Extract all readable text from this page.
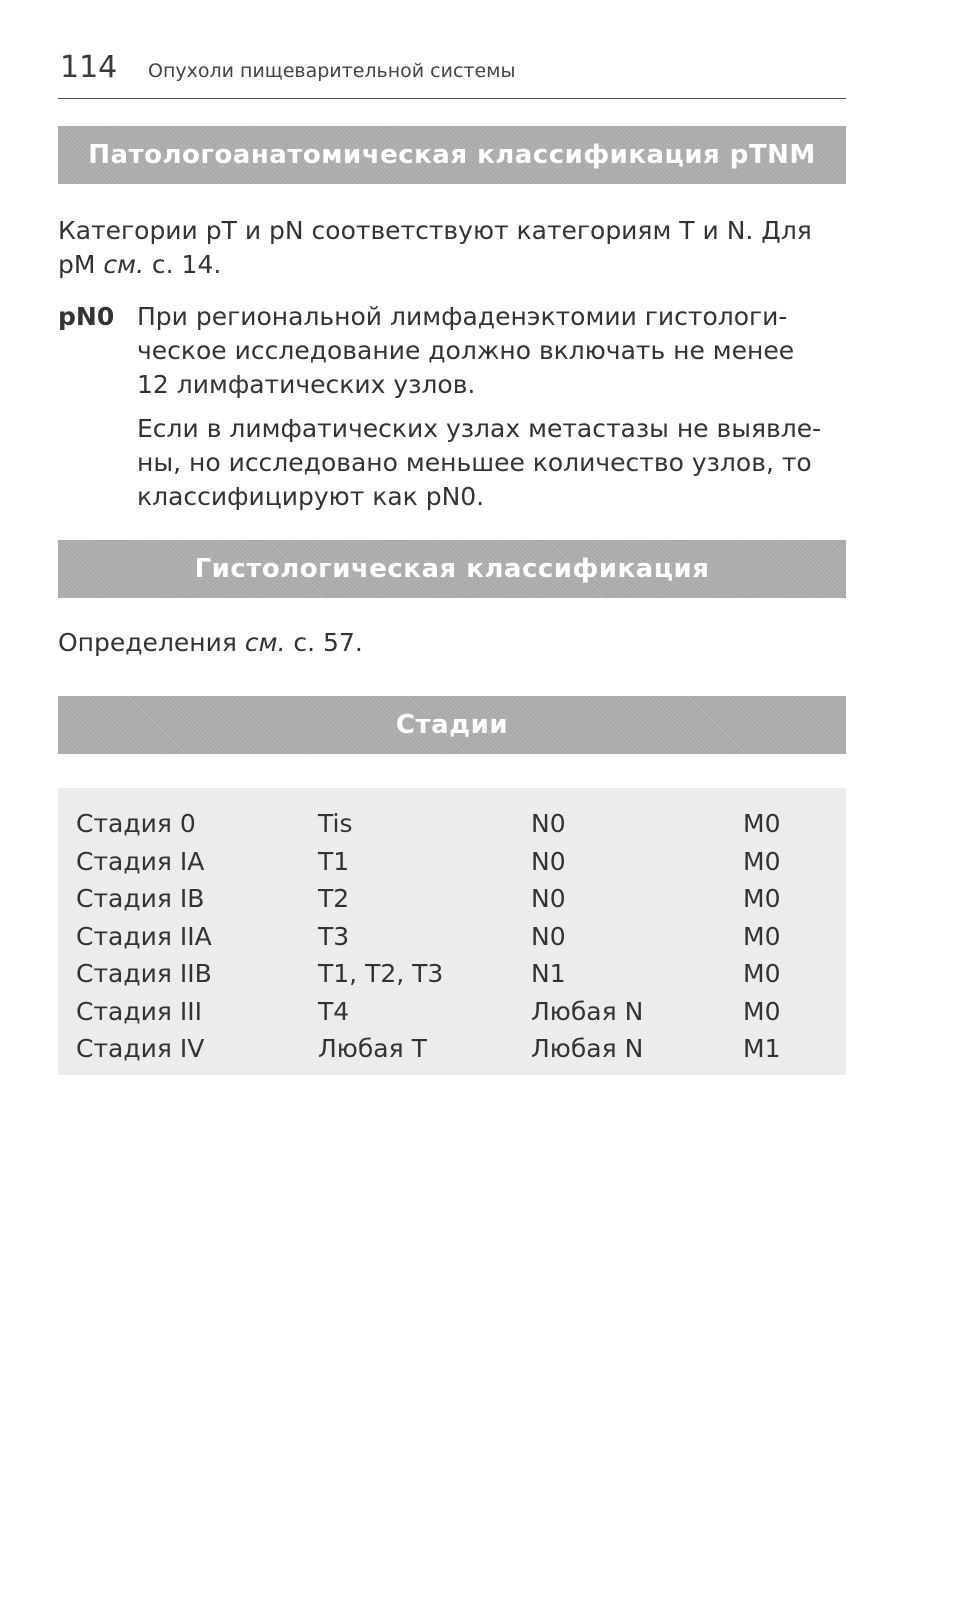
114 Опухоли пищеварительной системы
Патологоанатомическая классификация pTNM
Категории pT и pN соответствуют категориям T и N. Для
pM см. с. 14.
pN0 При региональной лимфаденэктомии гистологи-
ческое исследование должно включать не менее
12 лимфатических узлов.
Если в лимфатических узлах метастазы не выявле-
ны, но исследовано меньшее количество узлов, то
классифицируют как pN0.
Гистологическая классификация
Определения см. с. 57.
Стадии
Стадия 0	Tis	N0	M0
Стадия IA	T1	N0	M0
Стадия IB	T2	N0	M0
Стадия IIA	T3	N0	M0
Стадия IIB	T1, T2, T3	N1	M0
Стадия III	T4	Любая N	M0
Стадия IV	Любая T	Любая N	M1
